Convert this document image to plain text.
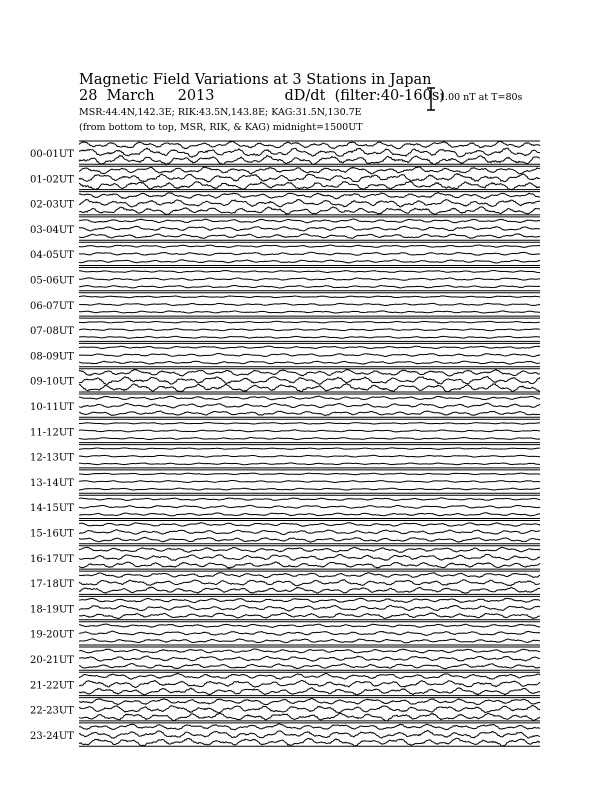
Magnetic Field Variations at 3 Stations in Japan
28  March     2013	dD/dt (filter:40-160s)
MSR:44.4N,142.3E; RIK:43.5N,143.8E; KAG:31.5N,130.7E
(from bottom to top, MSR, RIK, & KAG) midnight=1500UT
1.00 nT at T=80s
00-01UT
01-02UT
02-03UT
03-04UT
04-05UT
05-06UT
06-07UT
07-08UT
08-09UT
09-10UT
10-11UT
11-12UT
12-13UT
13-14UT
14-15UT
15-16UT
16-17UT
17-18UT
18-19UT
19-20UT
20-21UT
21-22UT
22-23UT
23-24UT
